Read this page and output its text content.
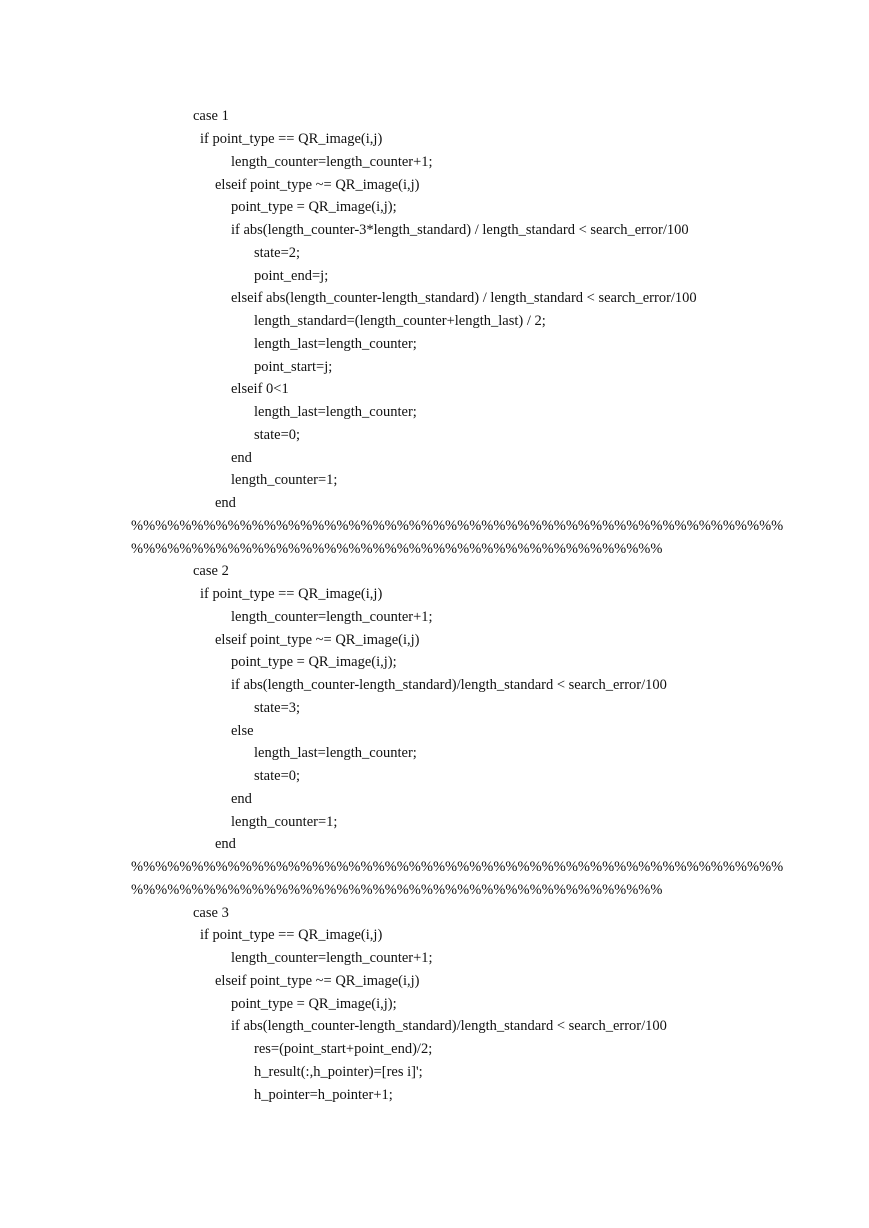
case 1
if point_type == QR_image(i,j)
length_counter=length_counter+1;
elseif point_type ~= QR_image(i,j)
point_type = QR_image(i,j);
if abs(length_counter-3*length_standard) / length_standard < search_error/100
state=2;
point_end=j;
elseif abs(length_counter-length_standard) / length_standard < search_error/100
length_standard=(length_counter+length_last) / 2;
length_last=length_counter;
point_start=j;
elseif 0<1
length_last=length_counter;
state=0;
end
length_counter=1;
end
%%%%%%%%%%%%%%%%%%%%%%%%%%%%%%%%%%%%%%%%%%%%%%%%%%%%%%
%%%%%%%%%%%%%%%%%%%%%%%%%%%%%%%%%%%%%%%%%%%%
case 2
if point_type == QR_image(i,j)
length_counter=length_counter+1;
elseif point_type ~= QR_image(i,j)
point_type = QR_image(i,j);
if abs(length_counter-length_standard)/length_standard < search_error/100
state=3;
else
length_last=length_counter;
state=0;
end
length_counter=1;
end
%%%%%%%%%%%%%%%%%%%%%%%%%%%%%%%%%%%%%%%%%%%%%%%%%%%%%%
%%%%%%%%%%%%%%%%%%%%%%%%%%%%%%%%%%%%%%%%%%%%
case 3
if point_type == QR_image(i,j)
length_counter=length_counter+1;
elseif point_type ~= QR_image(i,j)
point_type = QR_image(i,j);
if abs(length_counter-length_standard)/length_standard < search_error/100
res=(point_start+point_end)/2;
h_result(:,h_pointer)=[res i]';
h_pointer=h_pointer+1;
